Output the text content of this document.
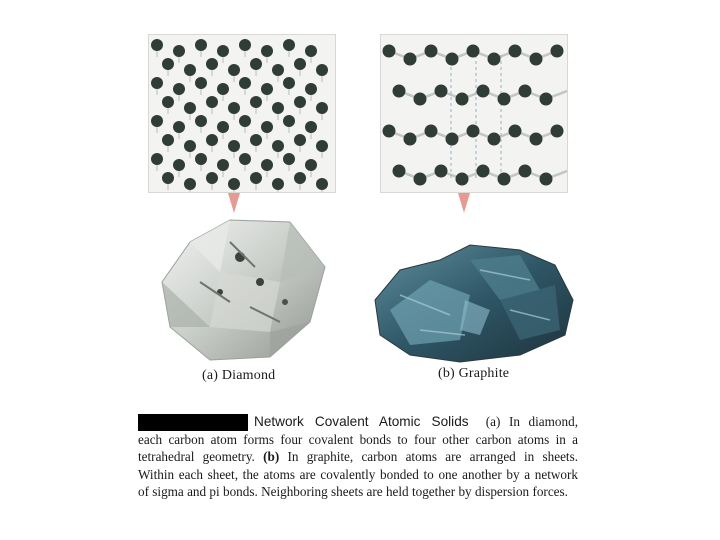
(a) Diamond	(b) Graphite
Network Covalent Atomic Solids (a) In diamond,
each carbon atom forms four covalent bonds to four other carbon atoms in a
tetrahedral geometry. (b) In graphite, carbon atoms are arranged in sheets.
Within each sheet, the atoms are covalently bonded to one another by a network
of sigma and pi bonds. Neighboring sheets are held together by dispersion forces.
